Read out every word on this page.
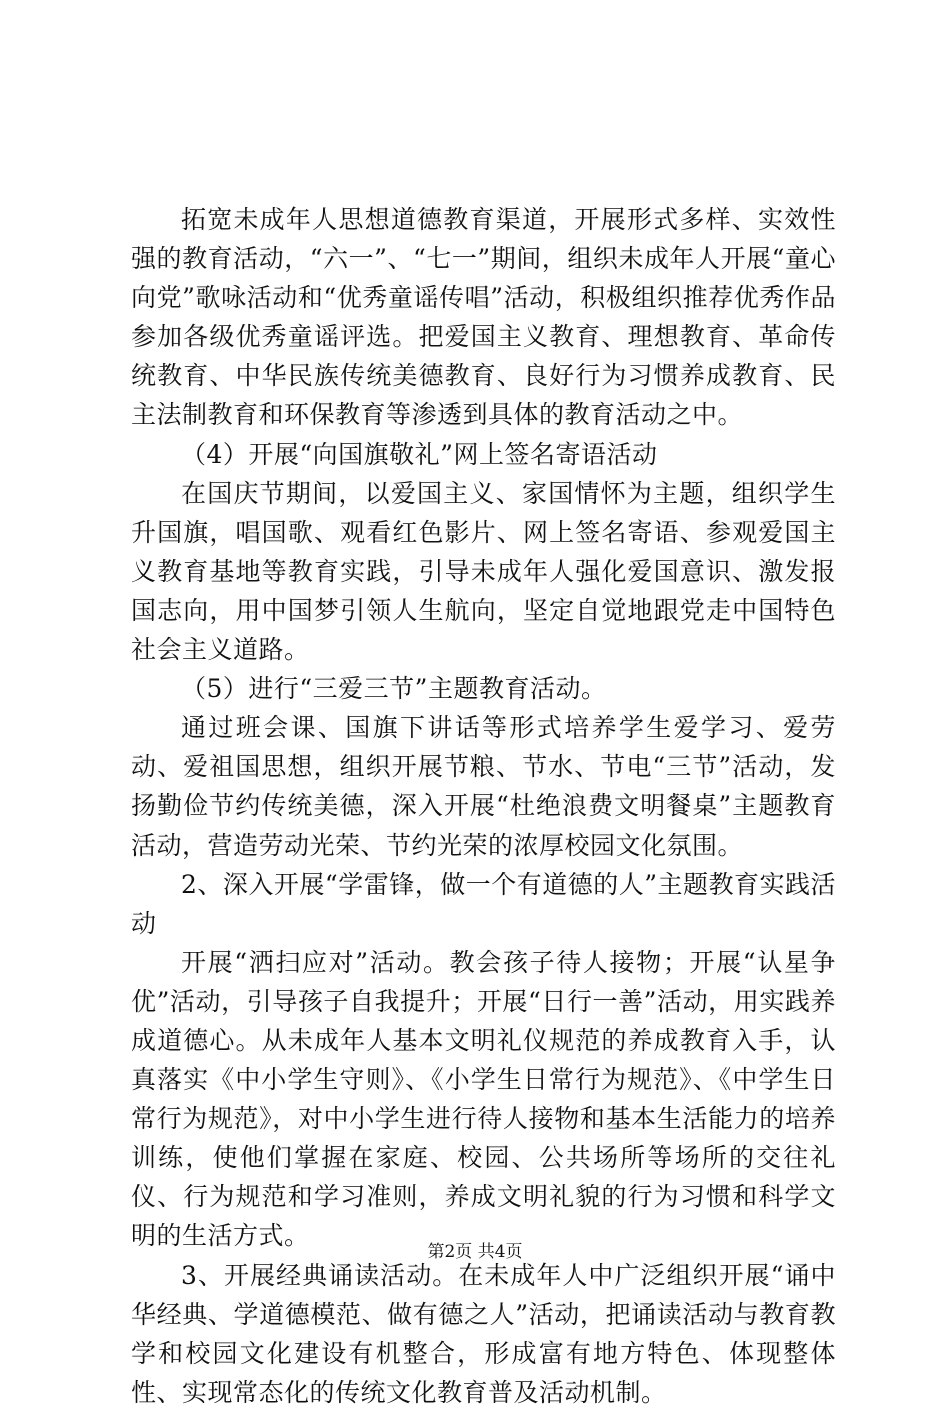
拓宽未成年人思想道德教育渠道，开展形式多样、实效性强的教育活动，“六一”、“七一”期间，组织未成年人开展“童心向党”歌咏活动和“优秀童谣传唱”活动，积极组织推荐优秀作品参加各级优秀童谣评选。把爱国主义教育、理想教育、革命传统教育、中华民族传统美德教育、良好行为习惯养成教育、民主法制教育和环保教育等渗透到具体的教育活动之中。

（4）开展“向国旗敬礼”网上签名寄语活动

在国庆节期间，以爱国主义、家国情怀为主题，组织学生升国旗，唱国歌、观看红色影片、网上签名寄语、参观爱国主义教育基地等教育实践，引导未成年人强化爱国意识、激发报国志向，用中国梦引领人生航向，坚定自觉地跟党走中国特色社会主义道路。

（5）进行“三爱三节”主题教育活动。

通过班会课、国旗下讲话等形式培养学生爱学习、爱劳动、爱祖国思想，组织开展节粮、节水、节电“三节”活动，发扬勤俭节约传统美德，深入开展“杜绝浪费文明餐桌”主题教育活动，营造劳动光荣、节约光荣的浓厚校园文化氛围。

2、深入开展“学雷锋，做一个有道德的人”主题教育实践活动

开展“洒扫应对”活动。教会孩子待人接物；开展“认星争优”活动，引导孩子自我提升；开展“日行一善”活动，用实践养成道德心。从未成年人基本文明礼仪规范的养成教育入手，认真落实《中小学生守则》、《小学生日常行为规范》、《中学生日常行为规范》，对中小学生进行待人接物和基本生活能力的培养训练，使他们掌握在家庭、校园、公共场所等场所的交往礼仪、行为规范和学习准则，养成文明礼貌的行为习惯和科学文明的生活方式。

3、开展经典诵读活动。在未成年人中广泛组织开展“诵中华经典、学道德模范、做有德之人”活动，把诵读活动与教育教学和校园文化建设有机整合，形成富有地方特色、体现整体性、实现常态化的传统文化教育普及活动机制。

第2页 共4页
